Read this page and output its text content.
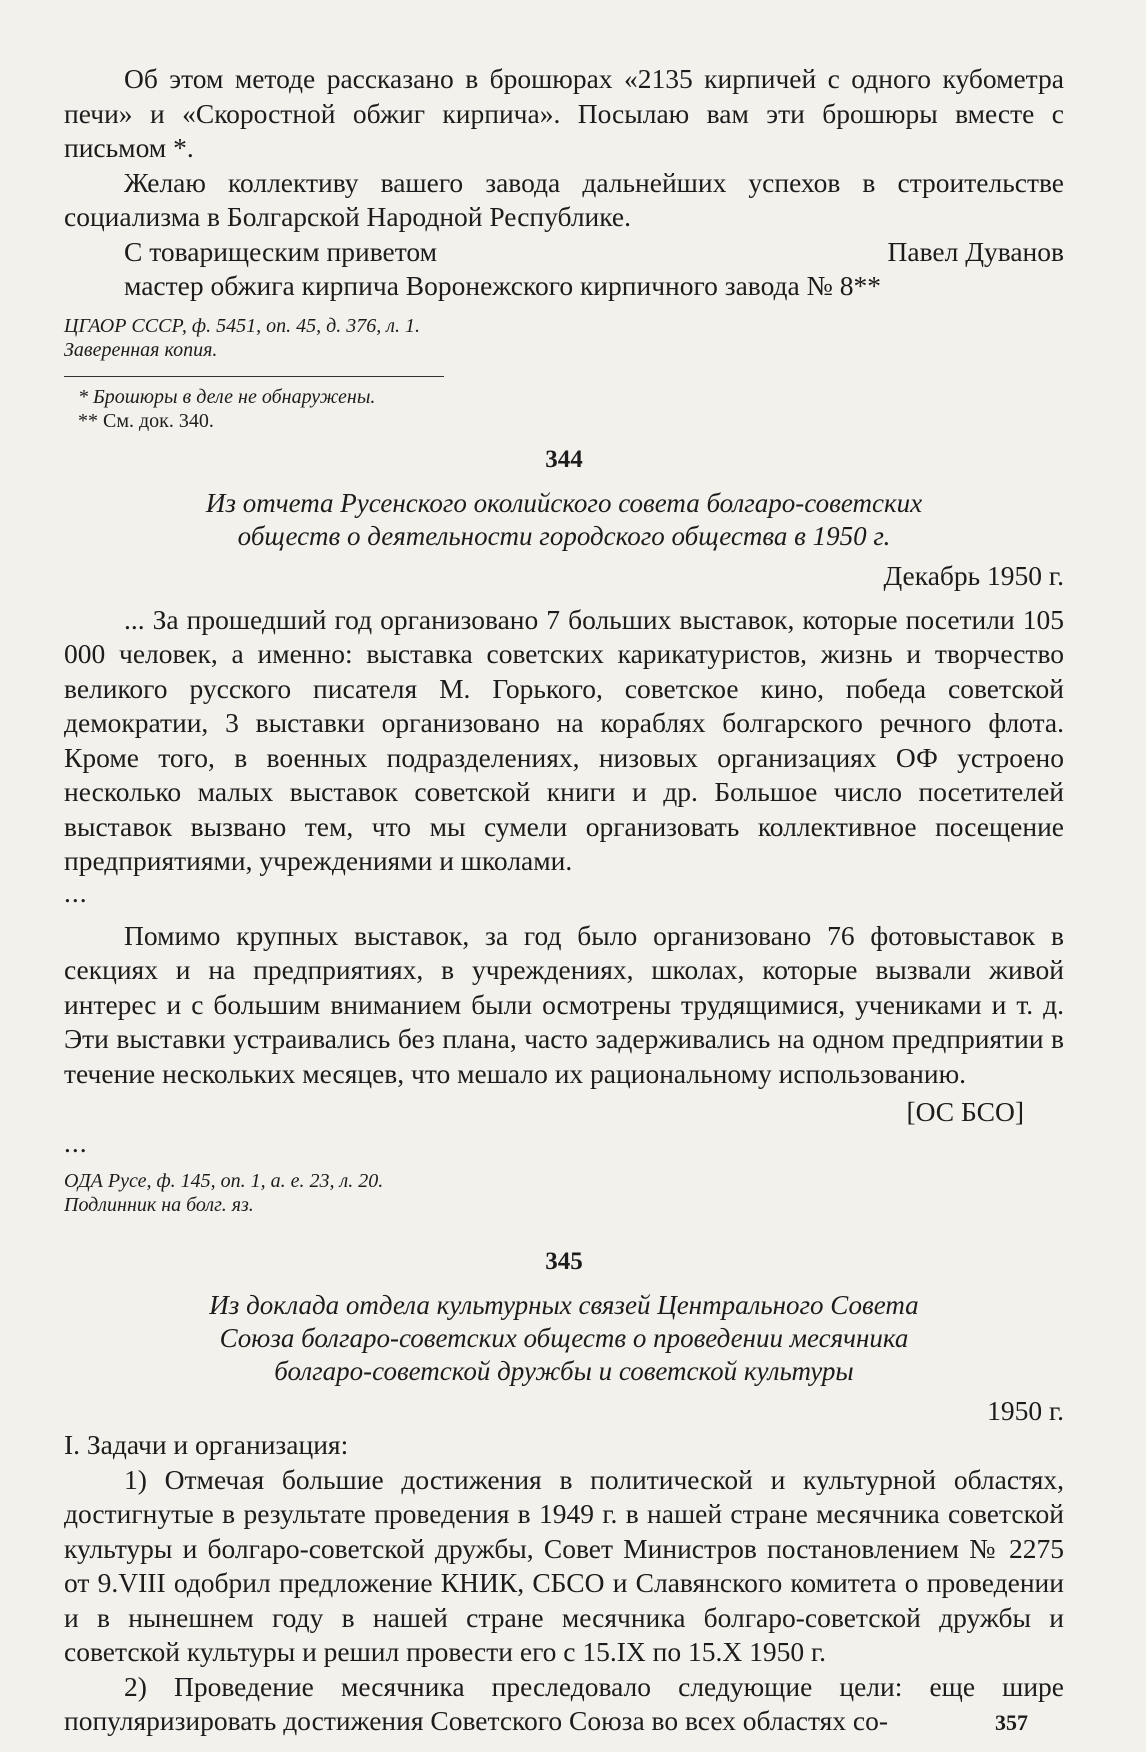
Об этом методе рассказано в брошюрах «2135 кирпичей с одного кубометра печи» и «Скоростной обжиг кирпича». Посылаю вам эти брошюры вместе с письмом *.

Желаю коллективу вашего завода дальнейших успехов в строительстве социализма в Болгарской Народной Республике.

С товарищеским приветом	Павел Дуванов
мастер обжига кирпича Воронежского кирпичного завода № 8**

ЦГАОР СССР, ф. 5451, оп. 45, д. 376, л. 1.

Заверенная копия.

* Брошюры в деле не обнаружены.

** См. док. 340.

344

Из отчета Русенского околийского совета болгаро-советских

обществ о деятельности городского общества в 1950 г.

Декабрь 1950 г.

... За прошедший год организовано 7 больших выставок, которые посетили 105 000 человек, а именно: выставка советских карикатуристов, жизнь и творчество великого русского писателя М. Горького, советское кино, победа советской демократии, 3 выставки организовано на кораблях болгарского речного флота. Кроме того, в военных подразделениях, низовых организациях ОФ устроено несколько малых выставок советской книги и др. Большое число посетителей выставок вызвано тем, что мы сумели организовать коллективное посещение предприятиями, учреждениями и школами.

...

Помимо крупных выставок, за год было организовано 76 фотовыставок в секциях и на предприятиях, в учреждениях, школах, которые вызвали живой интерес и с большим вниманием были осмотрены трудящимися, учениками и т. д. Эти выставки устраивались без плана, часто задерживались на одном предприятии в течение нескольких месяцев, что мешало их рациональному использованию.

[ОС БСО]

...

ОДА Русе, ф. 145, оп. 1, а. е. 23, л. 20.

Подлинник на болг. яз.

345

Из доклада отдела культурных связей Центрального Совета

Союза болгаро-советских обществ о проведении месячника

болгаро-советской дружбы и советской культуры

1950 г.

I. Задачи и организация:

1) Отмечая большие достижения в политической и культурной областях, достигнутые в результате проведения в 1949 г. в нашей стране месячника советской культуры и болгаро-советской дружбы, Совет Министров постановлением № 2275 от 9.VIII одобрил предложение КНИК, СБСО и Славянского комитета о проведении и в нынешнем году в нашей стране месячника болгаро-советской дружбы и советской культуры и решил провести его с 15.IX по 15.X 1950 г.

2) Проведение месячника преследовало следующие цели: еще шире популяризировать достижения Советского Союза во всех областях со-	357
